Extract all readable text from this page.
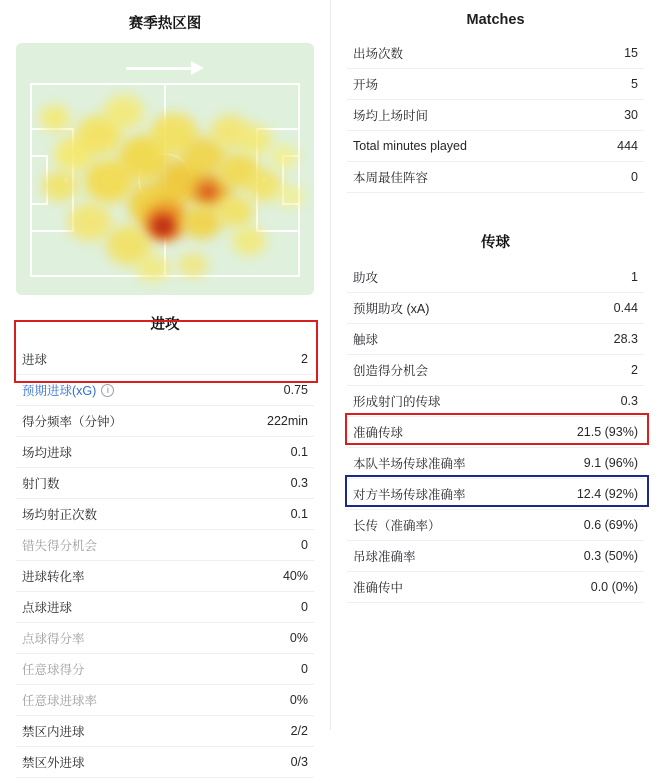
赛季热区图
进攻
进球	2
预期进球(xG)	i	0.75
得分频率（分钟）	222min
场均进球	0.1
射门数	0.3
场均射正次数	0.1
错失得分机会	0
进球转化率	40%
点球进球	0
点球得分率	0%
任意球得分	0
任意球进球率	0%
禁区内进球	2/2
禁区外进球	0/3
Matches
出场次数	15
开场	5
场均上场时间	30
Total minutes played	444
本周最佳阵容	0
传球
助攻	1
预期助攻 (xA)	0.44
触球	28.3
创造得分机会	2
形成射门的传球	0.3
准确传球	21.5 (93%)
本队半场传球准确率	9.1 (96%)
对方半场传球准确率	12.4 (92%)
长传（准确率）	0.6 (69%)
吊球准确率	0.3 (50%)
准确传中	0.0 (0%)
